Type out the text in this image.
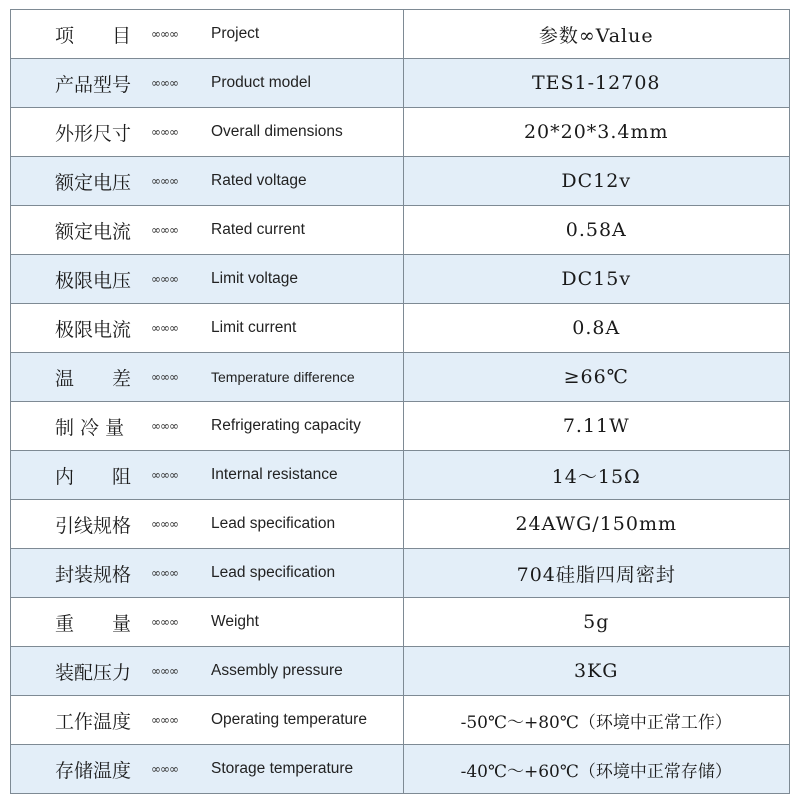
项　　目 ∞∞∞ Project	参数∞Value

产品型号 ∞∞∞ Product model	TES1-12708

外形尺寸 ∞∞∞ Overall dimensions	20*20*3.4mm

额定电压 ∞∞∞ Rated voltage	DC12v

额定电流 ∞∞∞ Rated current	0.58A

极限电压 ∞∞∞ Limit voltage	DC15v

极限电流 ∞∞∞ Limit current	0.8A

温　　差 ∞∞∞ Temperature difference	≥66℃

制 冷 量 ∞∞∞ Refrigerating capacity	7.11W

内　　阻 ∞∞∞ Internal resistance	14～15Ω

引线规格 ∞∞∞ Lead specification	24AWG/150mm

封装规格 ∞∞∞ Lead specification	704硅脂四周密封

重　　量 ∞∞∞ Weight	5g

装配压力 ∞∞∞ Assembly pressure	3KG

工作温度 ∞∞∞ Operating temperature	-50℃～+80℃（环境中正常工作）

存储温度 ∞∞∞ Storage temperature	-40℃～+60℃（环境中正常存储）
